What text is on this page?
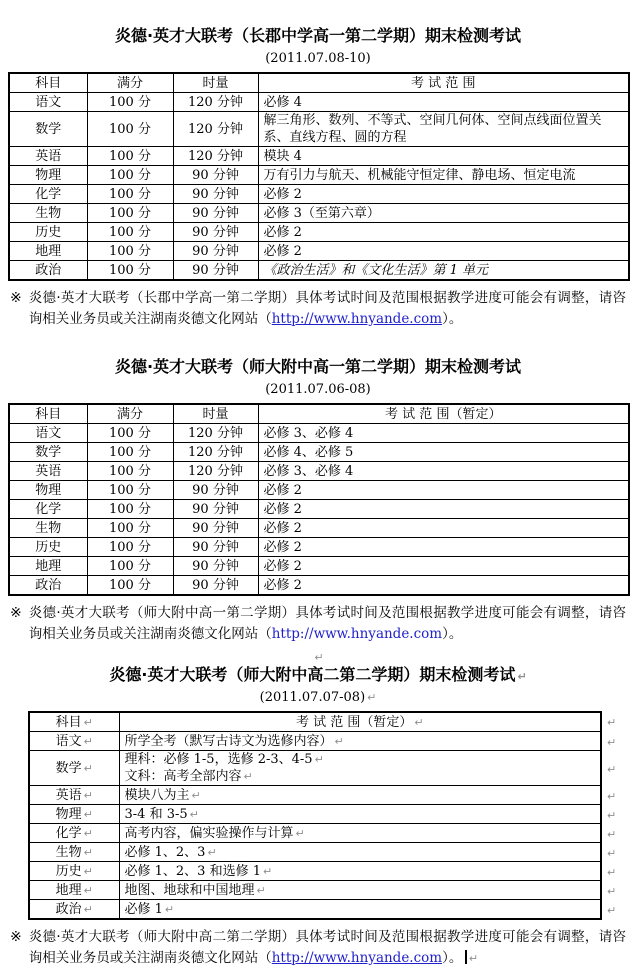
炎德·英才大联考（长郡中学高一第二学期）期末检测考试
(2011.07.08-10)
科目	满分	时量	考 试 范 围
语文	100 分	120 分钟	必修 4
数学	100 分	120 分钟	解三角形、数列、不等式、空间几何体、空间点线面位置关系、直线方程、圆的方程
英语	100 分	120 分钟	模块 4
物理	100 分	90 分钟	万有引力与航天、机械能守恒定律、静电场、恒定电流
化学	100 分	90 分钟	必修 2
生物	100 分	90 分钟	必修 3（至第六章）
历史	100 分	90 分钟	必修 2
地理	100 分	90 分钟	必修 2
政治	100 分	90 分钟	《政治生活》和《文化生活》第 1 单元
※ 炎德·英才大联考（长郡中学高一第二学期）具体考试时间及范围根据教学进度可能会有调整，请咨询相关业务员或关注湖南炎德文化网站（http://www.hnyande.com）。
炎德·英才大联考（师大附中高一第二学期）期末检测考试
(2011.07.06-08)
科目	满分	时量	考 试 范 围（暂定）
语文	100 分	120 分钟	必修 3、必修 4
数学	100 分	120 分钟	必修 4、必修 5
英语	100 分	120 分钟	必修 3、必修 4
物理	100 分	90 分钟	必修 2
化学	100 分	90 分钟	必修 2
生物	100 分	90 分钟	必修 2
历史	100 分	90 分钟	必修 2
地理	100 分	90 分钟	必修 2
政治	100 分	90 分钟	必修 2
※ 炎德·英才大联考（师大附中高一第二学期）具体考试时间及范围根据教学进度可能会有调整，请咨询相关业务员或关注湖南炎德文化网站（http://www.hnyande.com）。
↵
炎德·英才大联考（师大附中高二第二学期）期末检测考试 ↵
(2011.07.07-08) ↵
科目 ↵	考 试 范 围（暂定） ↵
语文 ↵	所学全考（默写古诗文为选修内容） ↵
数学 ↵	理科：必修 1-5，选修 2-3、4-5 ↵
文科：高考全部内容 ↵

英语 ↵	模块八为主 ↵
物理 ↵	3-4 和 3-5 ↵
化学 ↵	高考内容，偏实验操作与计算 ↵
生物 ↵	必修 1、2、3 ↵
历史 ↵	必修 1、2、3 和选修 1 ↵
地理 ↵	地图、地球和中国地理 ↵
政治 ↵	必修 1 ↵
↵
↵
↵
↵
↵
↵
↵
↵
↵
↵
※ 炎德·英才大联考（师大附中高二第二学期）具体考试时间及范围根据教学进度可能会有调整，请咨询相关业务员或关注湖南炎德文化网站（http://www.hnyande.com）。 ↵
